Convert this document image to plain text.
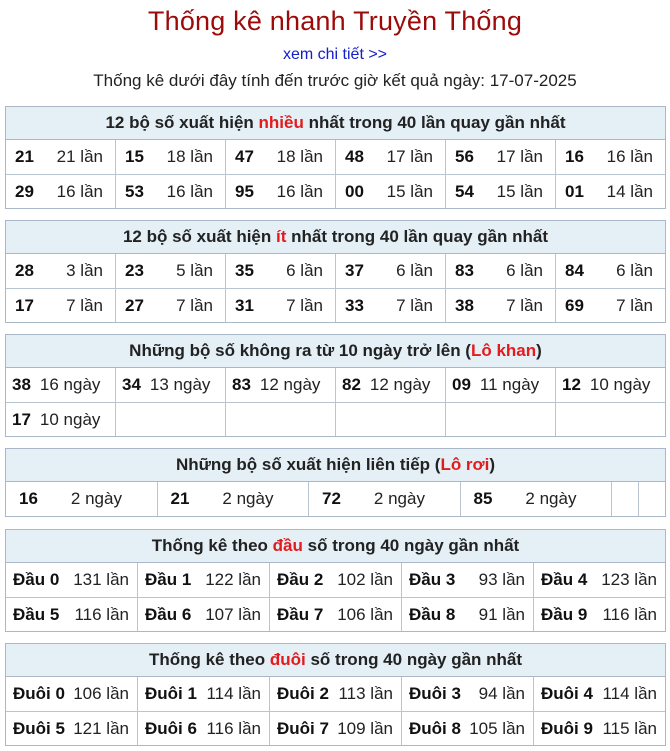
Thống kê nhanh Truyền Thống
xem chi tiết >>
Thống kê dưới đây tính đến trước giờ kết quả ngày: 17-07-2025
12 bộ số xuất hiện
nhiều
nhất trong 40 lần quay gần nhất
21 21 lần 15 18 lần 47 18 lần 48 17 lần 56 17 lần 16 16 lần
29 16 lần 53 16 lần 95 16 lần 00 15 lần 54 15 lần 01 14 lần
12 bộ số xuất hiện
ít
nhất trong 40 lần quay gần nhất
28 3 lần 23 5 lần 35 6 lần 37 6 lần 83 6 lần 84 6 lần
17 7 lần 27 7 lần 31 7 lần 33 7 lần 38 7 lần 69 7 lần
Những bộ số không ra từ 10 ngày trở lên ( Lô khan )
38 16 ngày 34 13 ngày 83 12 ngày 82 12 ngày 09 11 ngày 12 10 ngày
17 10 ngày
Những bộ số xuất hiện liên tiếp ( Lô rơi )
16 2 ngày	21 2 ngày	72 2 ngày	85 2 ngày
Thống kê theo
đầu
số trong 40 ngày gần nhất
Đầu 0 131 lần Đầu 1 122 lần Đầu 2 102 lần Đầu 3 93 lần Đầu 4 123 lần
Đầu 5 116 lần Đầu 6 107 lần Đầu 7 106 lần Đầu 8 91 lần Đầu 9 116 lần
Thống kê theo
đuôi
số trong 40 ngày gần nhất
Đuôi 0 106 lần Đuôi 1 114 lần Đuôi 2 113 lần Đuôi 3 94 lần Đuôi 4 114 lần
Đuôi 5 121 lần Đuôi 6 116 lần Đuôi 7 109 lần Đuôi 8 105 lần Đuôi 9 115 lần
